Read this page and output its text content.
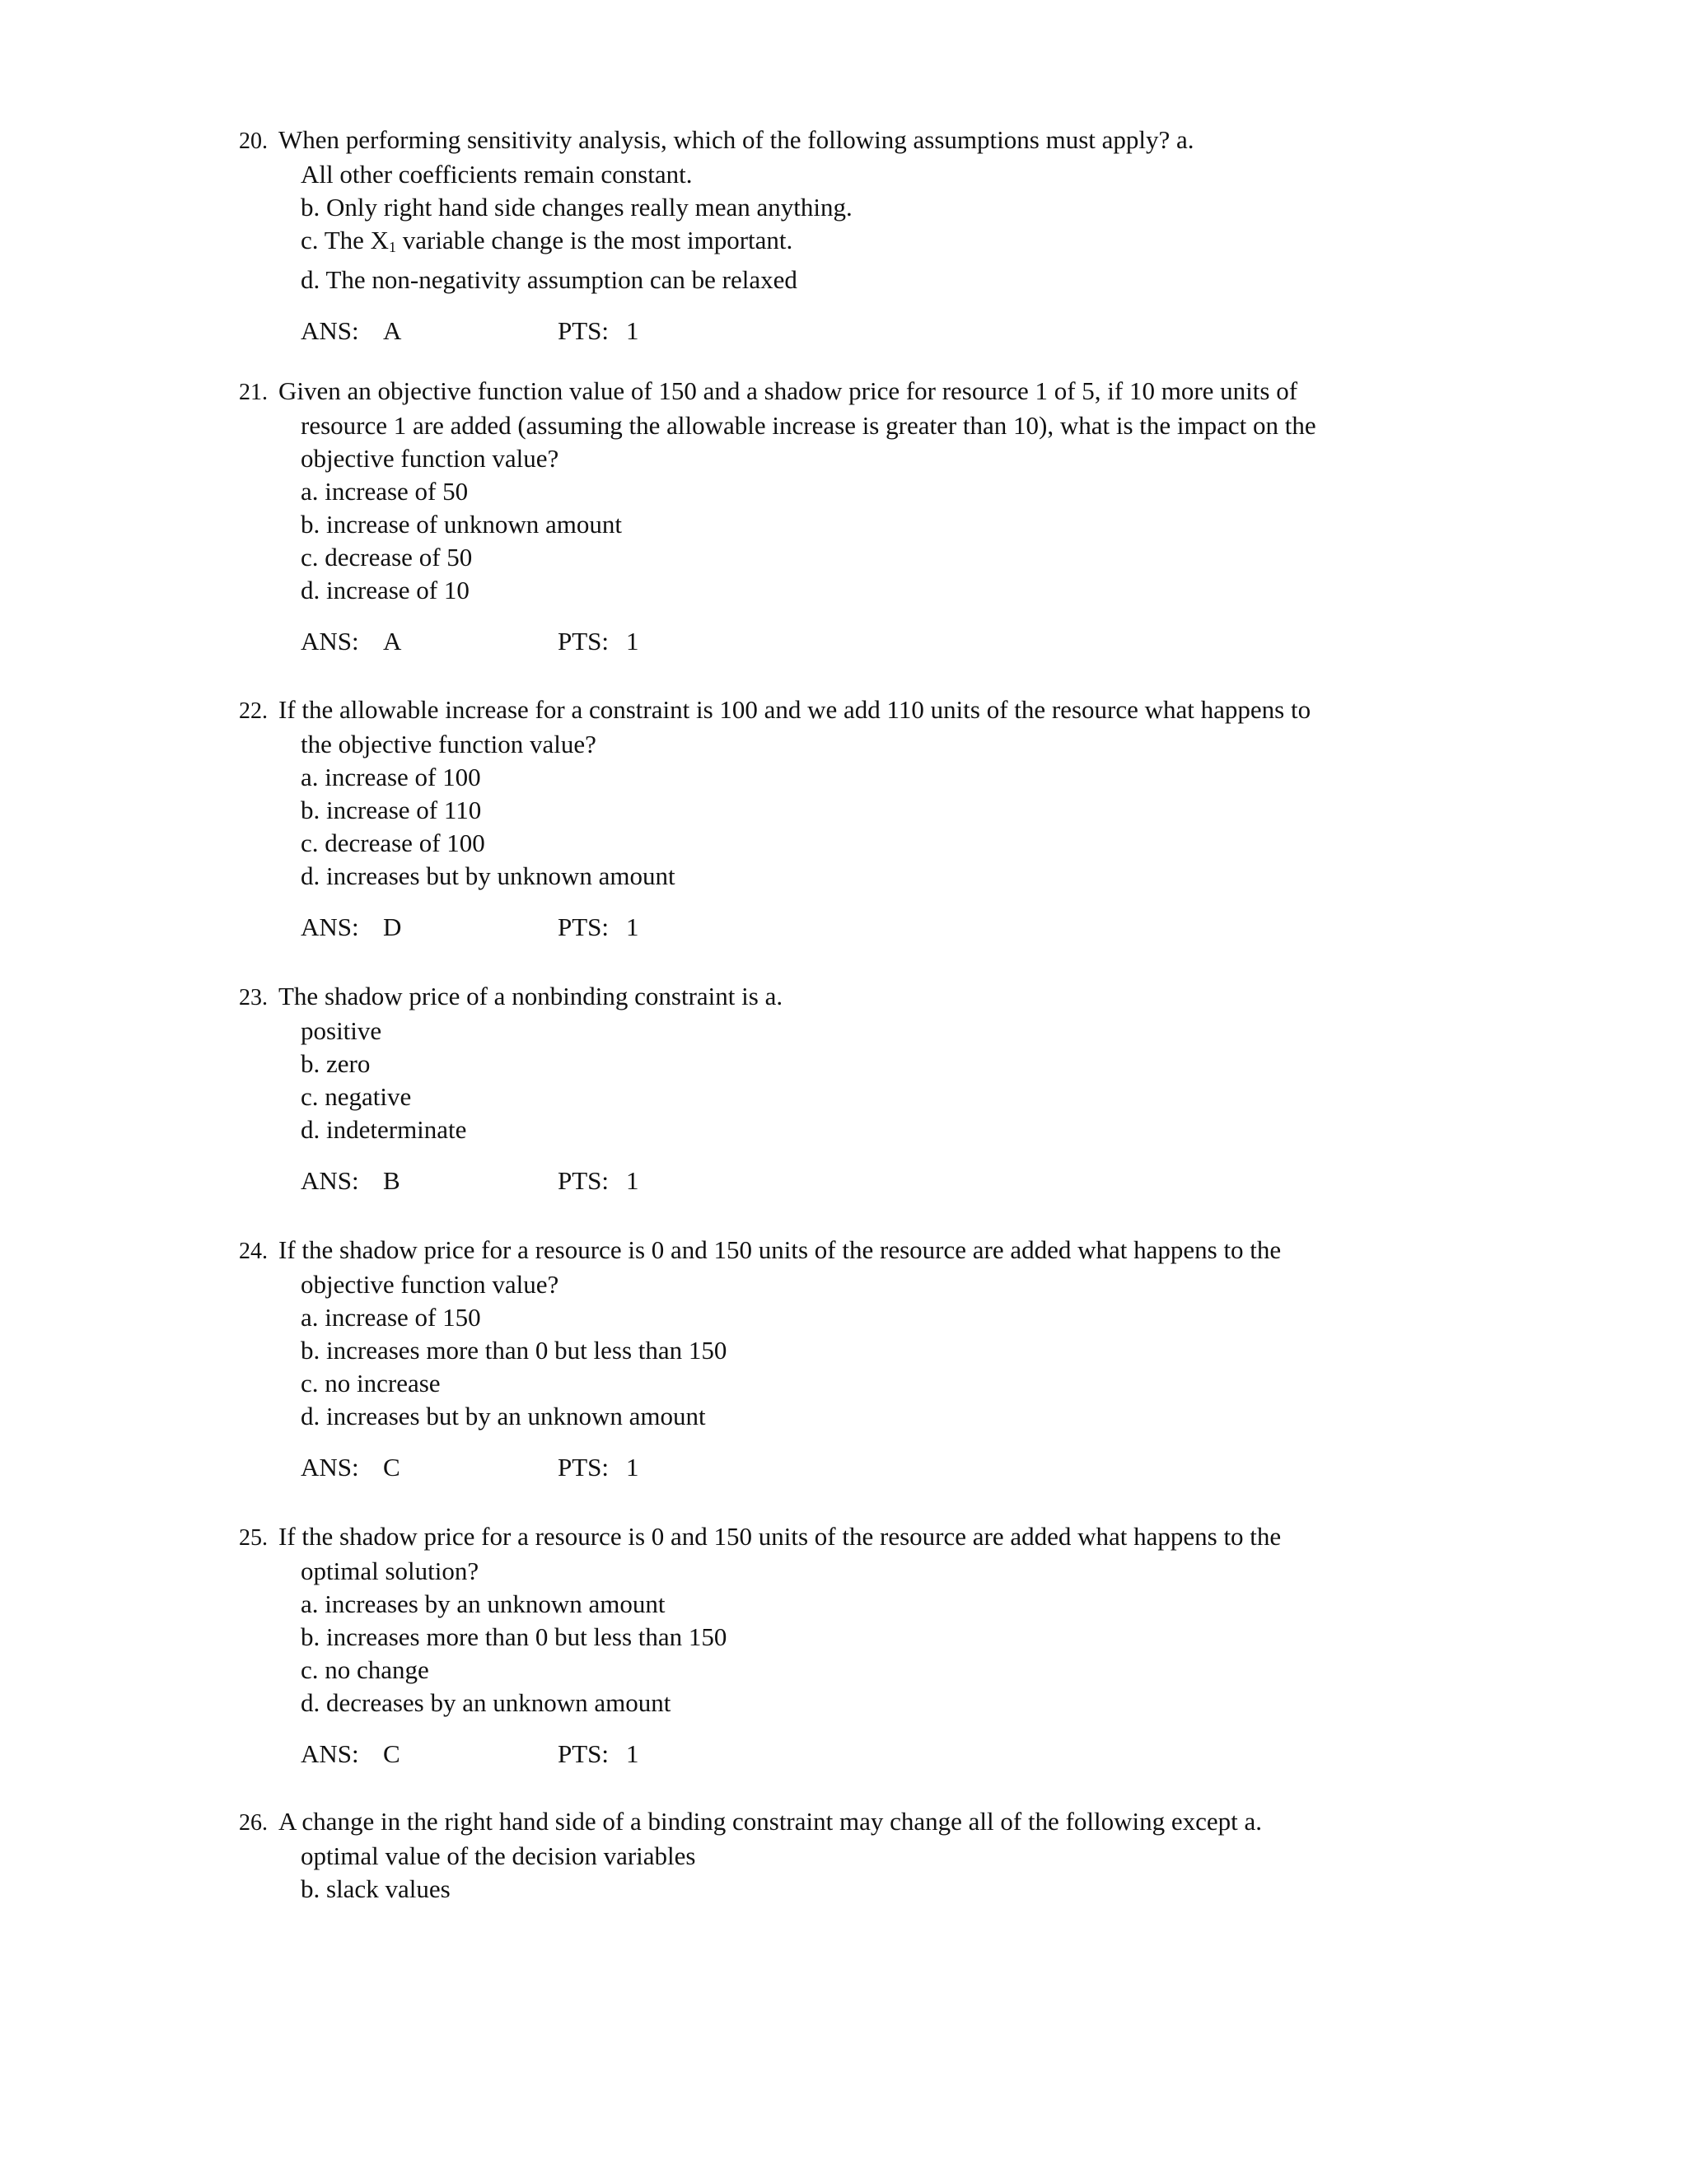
20. When performing sensitivity analysis, which of the following assumptions must apply? a.
All other coefficients remain constant.
b. Only right hand side changes really mean anything.
c. The $X_1$ variable change is the most important.
d. The non-negativity assumption can be relaxed
ANS: A	PTS: 1
21. Given an objective function value of 150 and a shadow price for resource 1 of 5, if 10 more units of
resource 1 are added (assuming the allowable increase is greater than 10), what is the impact on the
objective function value?
a. increase of 50
b. increase of unknown amount
c. decrease of 50
d. increase of 10
ANS: A	PTS: 1
22. If the allowable increase for a constraint is 100 and we add 110 units of the resource what happens to
the objective function value?
a. increase of 100
b. increase of 110
c. decrease of 100
d. increases but by unknown amount
ANS: D	PTS: 1
23. The shadow price of a nonbinding constraint is a.
positive
b. zero
c. negative
d. indeterminate
ANS: B	PTS: 1
24. If the shadow price for a resource is 0 and 150 units of the resource are added what happens to the
objective function value?
a. increase of 150
b. increases more than 0 but less than 150
c. no increase
d. increases but by an unknown amount
ANS: C	PTS: 1
25. If the shadow price for a resource is 0 and 150 units of the resource are added what happens to the
optimal solution?
a. increases by an unknown amount
b. increases more than 0 but less than 150
c. no change
d. decreases by an unknown amount
ANS: C	PTS: 1
26. A change in the right hand side of a binding constraint may change all of the following except a.
optimal value of the decision variables
b. slack values
